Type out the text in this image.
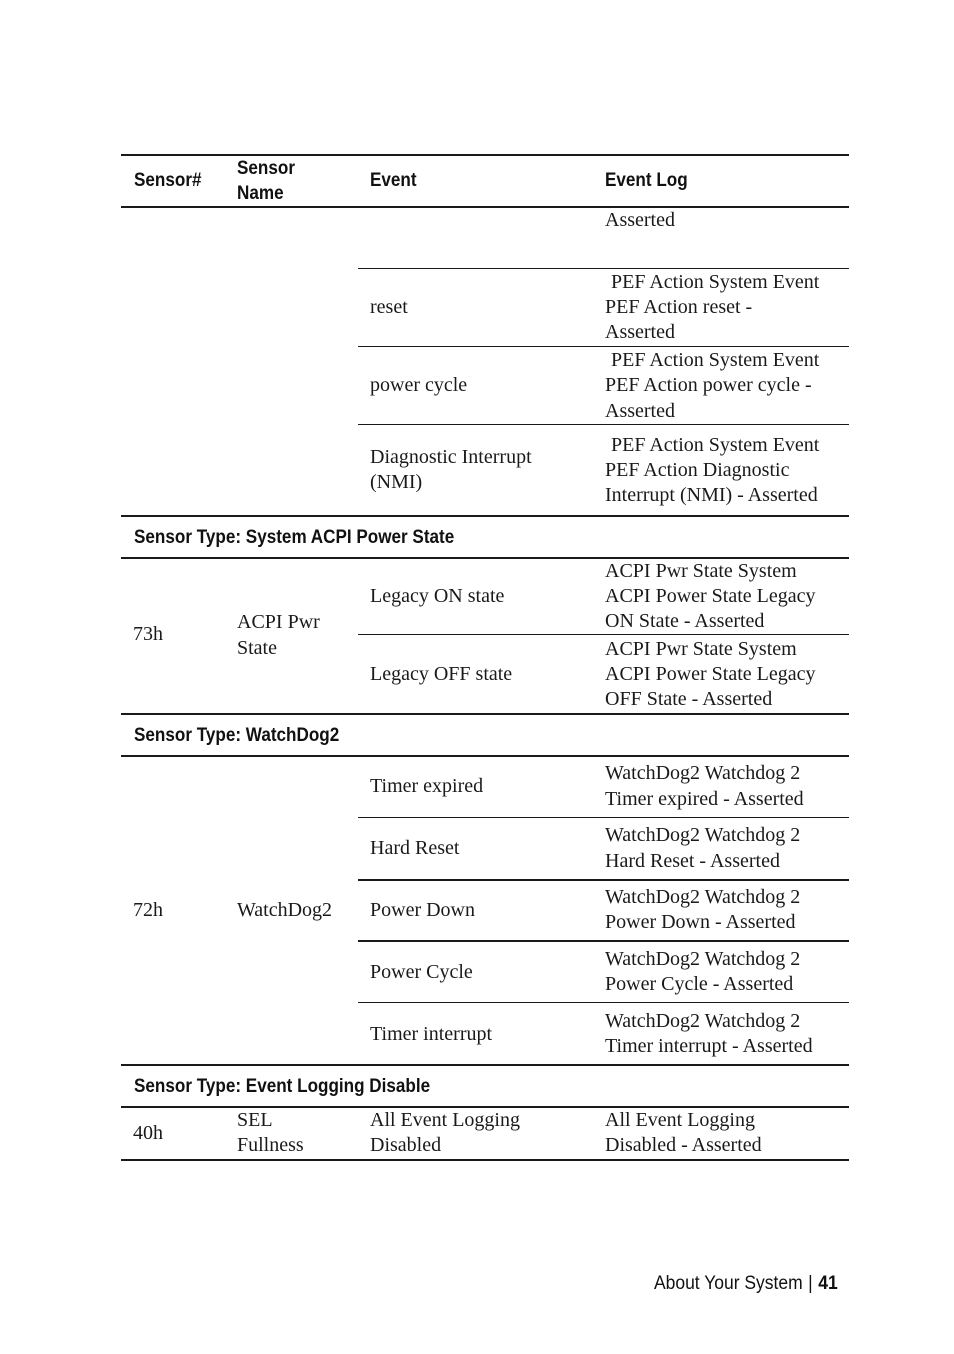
Sensor#
Sensor Name
Event	Event Log
Asserted
reset
PEF Action System Event
PEF Action reset -
Asserted
power cycle
PEF Action System Event
PEF Action power cycle -
Asserted
Diagnostic Interrupt
(NMI)
PEF Action System Event
PEF Action Diagnostic
Interrupt (NMI) - Asserted
Sensor Type: System ACPI Power State
73h
ACPI Pwr
State
Legacy ON state
ACPI Pwr State System
ACPI Power State Legacy
ON State - Asserted
Legacy OFF state
ACPI Pwr State System
ACPI Power State Legacy
OFF State - Asserted
Sensor Type: WatchDog2
72h	WatchDog2
Timer expired
WatchDog2 Watchdog 2
Timer expired - Asserted
Hard Reset
WatchDog2 Watchdog 2
Hard Reset - Asserted
Power Down
WatchDog2 Watchdog 2
Power Down - Asserted
Power Cycle
WatchDog2 Watchdog 2
Power Cycle - Asserted
Timer interrupt
WatchDog2 Watchdog 2
Timer interrupt - Asserted
Sensor Type: Event Logging Disable
40h
SEL
Fullness
All Event Logging
Disabled
All Event Logging
Disabled - Asserted
About Your System | 41
